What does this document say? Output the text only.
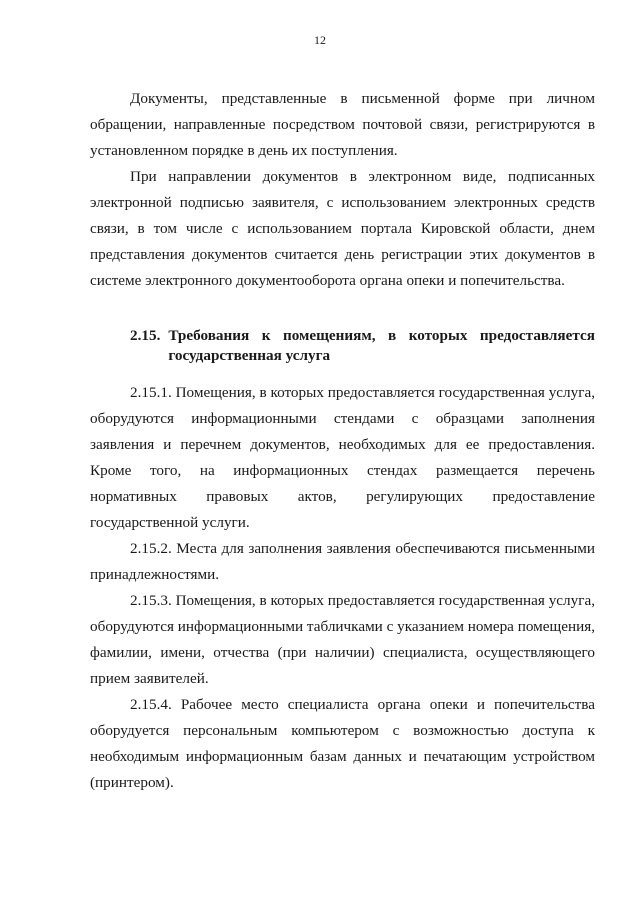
12

Документы, представленные в письменной форме при личном обращении, направленные посредством почтовой связи, регистрируются в установленном порядке в день их поступления.

При направлении документов в электронном виде, подписанных электронной подписью заявителя, с использованием электронных средств связи, в том числе с использованием портала Кировской области, днем представления документов считается день регистрации этих документов в системе электронного документооборота органа опеки и попечительства.

2.15. Требования к помещениям, в которых предоставляется государственная услуга

2.15.1. Помещения, в которых предоставляется государственная услуга, оборудуются информационными стендами с образцами заполнения заявления и перечнем документов, необходимых для ее предоставления. Кроме того, на информационных стендах размещается перечень нормативных правовых актов, регулирующих предоставление государственной услуги.

2.15.2. Места для заполнения заявления обеспечиваются письменными принадлежностями.

2.15.3. Помещения, в которых предоставляется государственная услуга, оборудуются информационными табличками с указанием номера помещения, фамилии, имени, отчества (при наличии) специалиста, осуществляющего прием заявителей.

2.15.4. Рабочее место специалиста органа опеки и попечительства оборудуется персональным компьютером с возможностью доступа к необходимым информационным базам данных и печатающим устройством (принтером).
